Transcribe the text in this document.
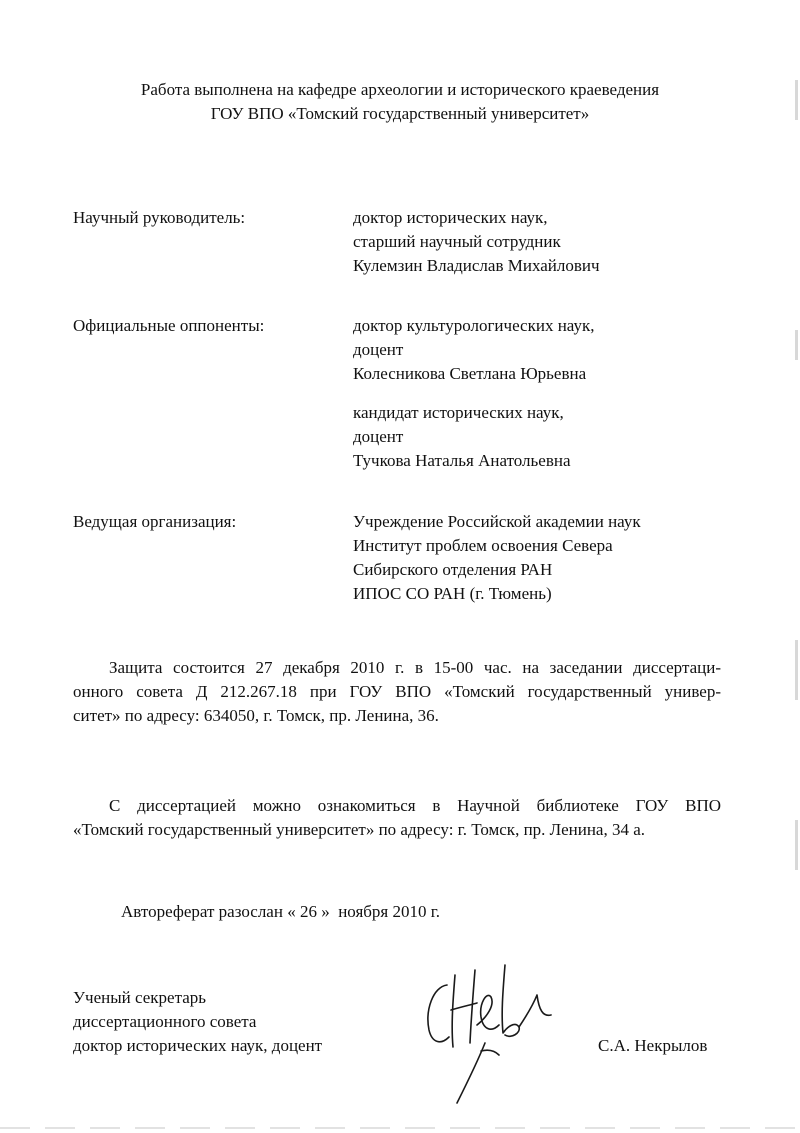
Работа выполнена на кафедре археологии и исторического краеведения
ГОУ ВПО «Томский государственный университет»
Научный руководитель:	доктор исторических наук,
старший научный сотрудник
Кулемзин Владислав Михайлович
Официальные оппоненты:	доктор культурологических наук,
доцент
Колесникова Светлана Юрьевна
кандидат исторических наук,
доцент
Тучкова Наталья Анатольевна
Ведущая организация:	Учреждение Российской академии наук
Институт проблем освоения Севера
Сибирского отделения РАН
ИПОС СО РАН (г. Тюмень)
Защита состоится 27 декабря 2010 г. в 15-00 час. на заседании диссертаци-
онного совета Д 212.267.18 при ГОУ ВПО «Томский государственный универ-
ситет» по адресу: 634050, г. Томск, пр. Ленина, 36.
С диссертацией можно ознакомиться в Научной библиотеке ГОУ ВПО
«Томский государственный университет» по адресу: г. Томск, пр. Ленина, 34 а.
Автореферат разослан « 26 »  ноября 2010 г.
Ученый секретарь
диссертационного совета
доктор исторических наук, доцент	С.А. Некрылов
